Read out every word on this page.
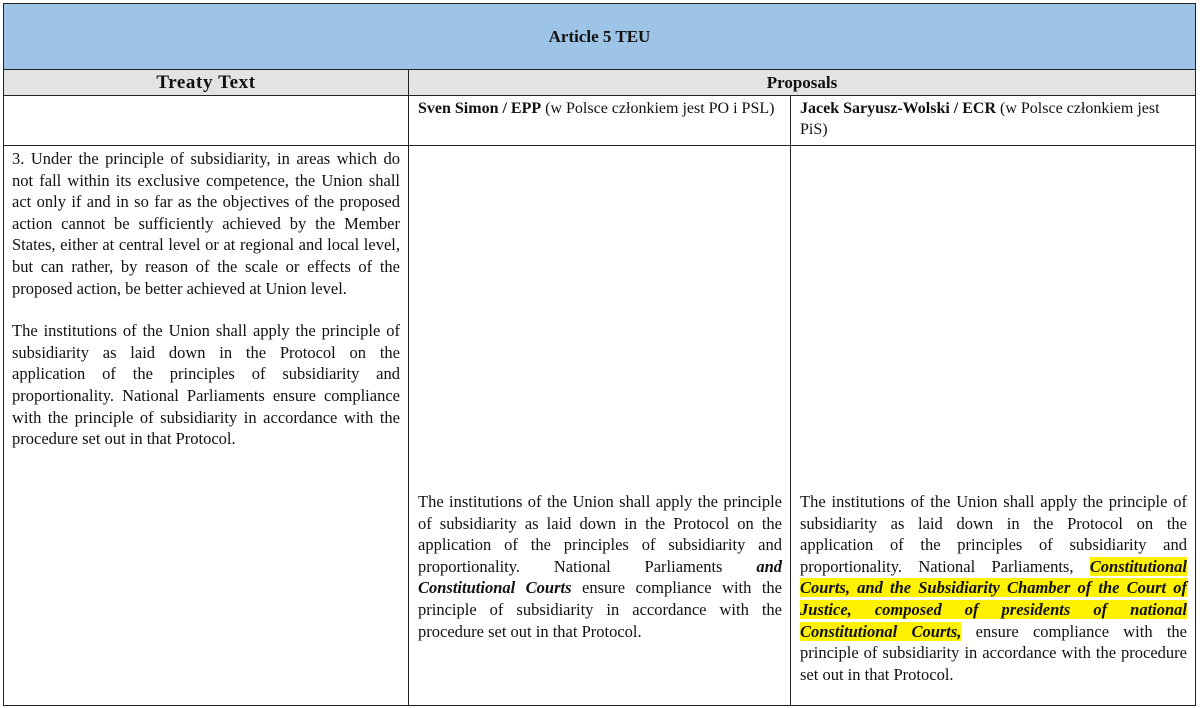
Article 5 TEU
Treaty Text	Proposals
Sven Simon / EPP (w Polsce członkiem jest PO i PSL)	Jacek Saryusz-Wolski / ECR (w Polsce członkiem jest PiS)
3. Under the principle of subsidiarity, in areas which do not fall within its exclusive competence, the Union shall act only if and in so far as the objectives of the proposed action cannot be sufficiently achieved by the Member States, either at central level or at regional and local level, but can rather, by reason of the scale or effects of the proposed action, be better achieved at Union level.
The institutions of the Union shall apply the principle of subsidiarity as laid down in the Protocol on the application of the principles of subsidiarity and proportionality. National Parliaments ensure compliance with the principle of subsidiarity in accordance with the procedure set out in that Protocol.
The institutions of the Union shall apply the principle of subsidiarity as laid down in the Protocol on the application of the principles of subsidiarity and proportionality. National Parliaments and Constitutional Courts ensure compliance with the principle of subsidiarity in accordance with the procedure set out in that Protocol.
The institutions of the Union shall apply the principle of subsidiarity as laid down in the Protocol on the application of the principles of subsidiarity and proportionality. National Parliaments, Constitutional Courts, and the Subsidiarity Chamber of the Court of Justice, composed of presidents of national Constitutional Courts, ensure compliance with the principle of subsidiarity in accordance with the procedure set out in that Protocol.
